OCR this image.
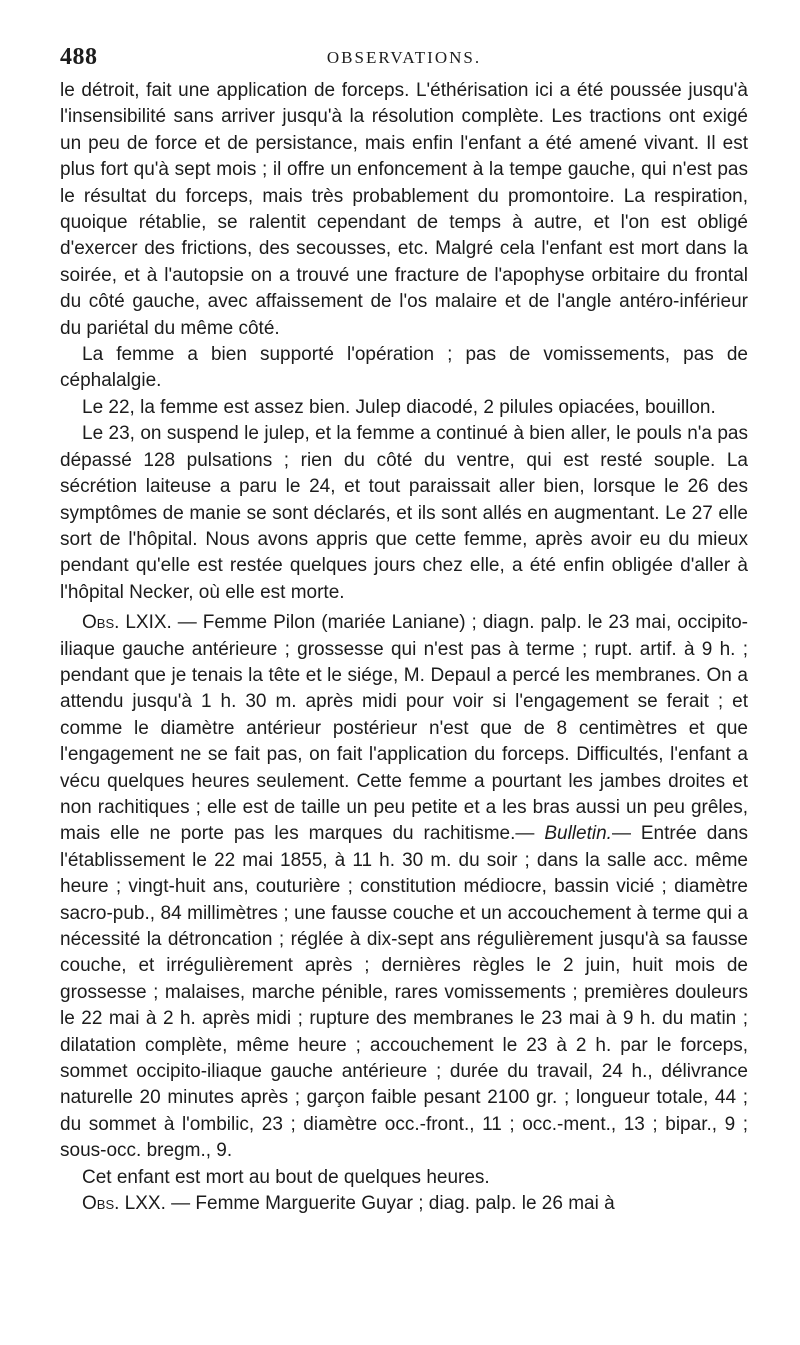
488	OBSERVATIONS.

le détroit, fait une application de forceps. L'éthérisation ici a été poussée jusqu'à l'insensibilité sans arriver jusqu'à la résolution complète. Les tractions ont exigé un peu de force et de persistance, mais enfin l'enfant a été amené vivant. Il est plus fort qu'à sept mois ; il offre un enfoncement à la tempe gauche, qui n'est pas le résultat du forceps, mais très probablement du promontoire. La respiration, quoique rétablie, se ralentit cependant de temps à autre, et l'on est obligé d'exercer des frictions, des secousses, etc. Malgré cela l'enfant est mort dans la soirée, et à l'autopsie on a trouvé une fracture de l'apophyse orbitaire du frontal du côté gauche, avec affaissement de l'os malaire et de l'angle antéro-inférieur du pariétal du même côté.

La femme a bien supporté l'opération ; pas de vomissements, pas de céphalalgie.

Le 22, la femme est assez bien. Julep diacodé, 2 pilules opiacées, bouillon.

Le 23, on suspend le julep, et la femme a continué à bien aller, le pouls n'a pas dépassé 128 pulsations ; rien du côté du ventre, qui est resté souple. La sécrétion laiteuse a paru le 24, et tout paraissait aller bien, lorsque le 26 des symptômes de manie se sont déclarés, et ils sont allés en augmentant. Le 27 elle sort de l'hôpital. Nous avons appris que cette femme, après avoir eu du mieux pendant qu'elle est restée quelques jours chez elle, a été enfin obligée d'aller à l'hôpital Necker, où elle est morte.

Obs. LXIX. — Femme Pilon (mariée Laniane) ; diagn. palp. le 23 mai, occipito-iliaque gauche antérieure ; grossesse qui n'est pas à terme ; rupt. artif. à 9 h. ; pendant que je tenais la tête et le siége, M. Depaul a percé les membranes. On a attendu jusqu'à 1 h. 30 m. après midi pour voir si l'engagement se ferait ; et comme le diamètre antérieur postérieur n'est que de 8 centimètres et que l'engagement ne se fait pas, on fait l'application du forceps. Difficultés, l'enfant a vécu quelques heures seulement. Cette femme a pourtant les jambes droites et non rachitiques ; elle est de taille un peu petite et a les bras aussi un peu grêles, mais elle ne porte pas les marques du rachitisme.— Bulletin.— Entrée dans l'établissement le 22 mai 1855, à 11 h. 30 m. du soir ; dans la salle acc. même heure ; vingt-huit ans, couturière ; constitution médiocre, bassin vicié ; diamètre sacro-pub., 84 millimètres ; une fausse couche et un accouchement à terme qui a nécessité la détroncation ; réglée à dix-sept ans régulièrement jusqu'à sa fausse couche, et irrégulièrement après ; dernières règles le 2 juin, huit mois de grossesse ; malaises, marche pénible, rares vomissements ; premières douleurs le 22 mai à 2 h. après midi ; rupture des membranes le 23 mai à 9 h. du matin ; dilatation complète, même heure ; accouchement le 23 à 2 h. par le forceps, sommet occipito-iliaque gauche antérieure ; durée du travail, 24 h., délivrance naturelle 20 minutes après ; garçon faible pesant 2100 gr. ; longueur totale, 44 ; du sommet à l'ombilic, 23 ; diamètre occ.-front., 11 ; occ.-ment., 13 ; bipar., 9 ; sous-occ. bregm., 9.

Cet enfant est mort au bout de quelques heures.

Obs. LXX. — Femme Marguerite Guyar ; diag. palp. le 26 mai à
